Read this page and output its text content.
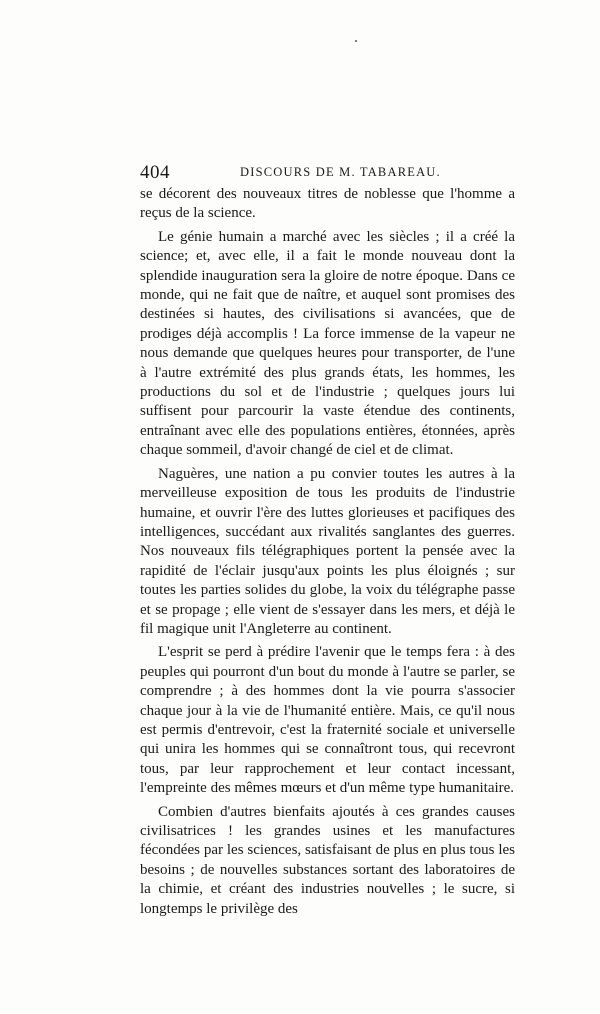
404	DISCOURS DE M. TABAREAU.

se décorent des nouveaux titres de noblesse que l'homme a reçus de la science.

Le génie humain a marché avec les siècles ; il a créé la science; et, avec elle, il a fait le monde nouveau dont la splendide inauguration sera la gloire de notre époque. Dans ce monde, qui ne fait que de naître, et auquel sont promises des destinées si hautes, des civilisations si avancées, que de prodiges déjà accomplis ! La force immense de la vapeur ne nous demande que quelques heures pour transporter, de l'une à l'autre extrémité des plus grands états, les hommes, les productions du sol et de l'industrie ; quelques jours lui suffisent pour parcourir la vaste étendue des continents, entraînant avec elle des populations entières, étonnées, après chaque sommeil, d'avoir changé de ciel et de climat.

Naguères, une nation a pu convier toutes les autres à la merveilleuse exposition de tous les produits de l'industrie humaine, et ouvrir l'ère des luttes glorieuses et pacifiques des intelligences, succédant aux rivalités sanglantes des guerres. Nos nouveaux fils télégraphiques portent la pensée avec la rapidité de l'éclair jusqu'aux points les plus éloignés ; sur toutes les parties solides du globe, la voix du télégraphe passe et se propage ; elle vient de s'essayer dans les mers, et déjà le fil magique unit l'Angleterre au continent.

L'esprit se perd à prédire l'avenir que le temps fera : à des peuples qui pourront d'un bout du monde à l'autre se parler, se comprendre ; à des hommes dont la vie pourra s'associer chaque jour à la vie de l'humanité entière. Mais, ce qu'il nous est permis d'entrevoir, c'est la fraternité sociale et universelle qui unira les hommes qui se connaîtront tous, qui recevront tous, par leur rapprochement et leur contact incessant, l'empreinte des mêmes mœurs et d'un même type humanitaire.

Combien d'autres bienfaits ajoutés à ces grandes causes civilisatrices ! les grandes usines et les manufactures fécondées par les sciences, satisfaisant de plus en plus tous les besoins ; de nouvelles substances sortant des laboratoires de la chimie, et créant des industries nouvelles ; le sucre, si longtemps le privilège des
